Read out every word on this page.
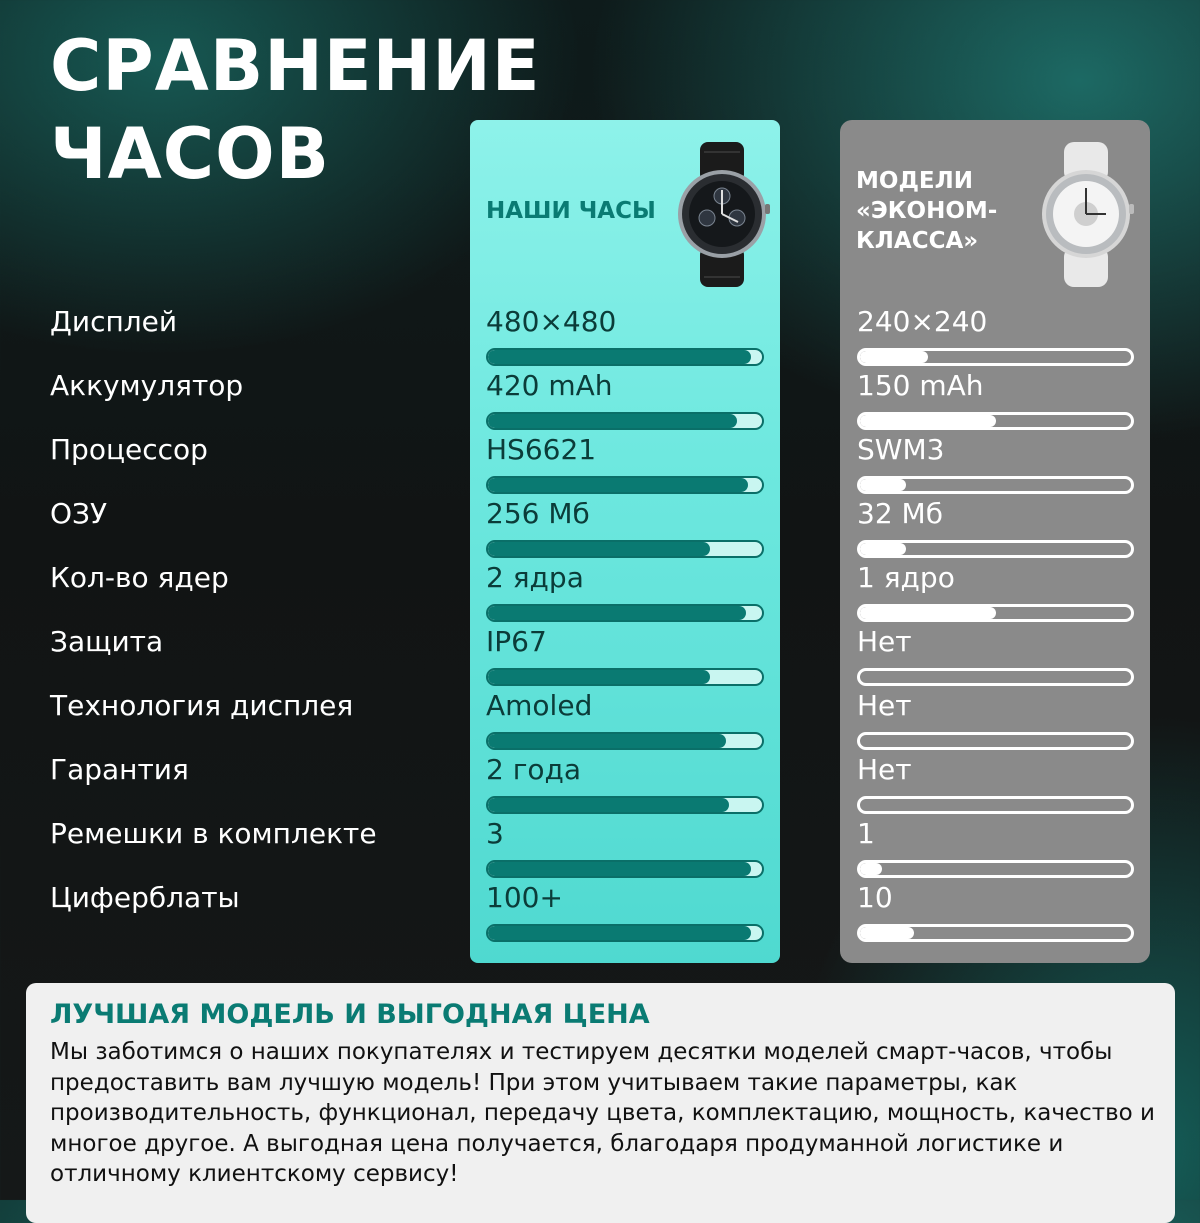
СРАВНЕНИЕ
ЧАСОВ
НАШИ ЧАСЫ
МОДЕЛИ
«ЭКОНОМ-
КЛАССА»
Дисплей	480×480	240×240
Аккумулятор	420 mAh	150 mAh
Процессор	HS6621	SWM3
ОЗУ	256 Мб	32 Мб
Кол-во ядер	2 ядра	1 ядро
Защита	IP67	Нет
Технология дисплея	Amoled	Нет
Гарантия	2 года	Нет
Ремешки в комплекте	3	1
Циферблаты	100+	10
ЛУЧШАЯ МОДЕЛЬ И ВЫГОДНАЯ ЦЕНА

Мы заботимся о наших покупателях и тестируем десятки моделей смарт-часов, чтобы предоставить вам лучшую модель! При этом учитываем такие параметры, как производительность, функционал, передачу цвета, комплектацию, мощность, качество и многое другое. А выгодная цена получается, благодаря продуманной логистике и отличному клиентскому сервису!
